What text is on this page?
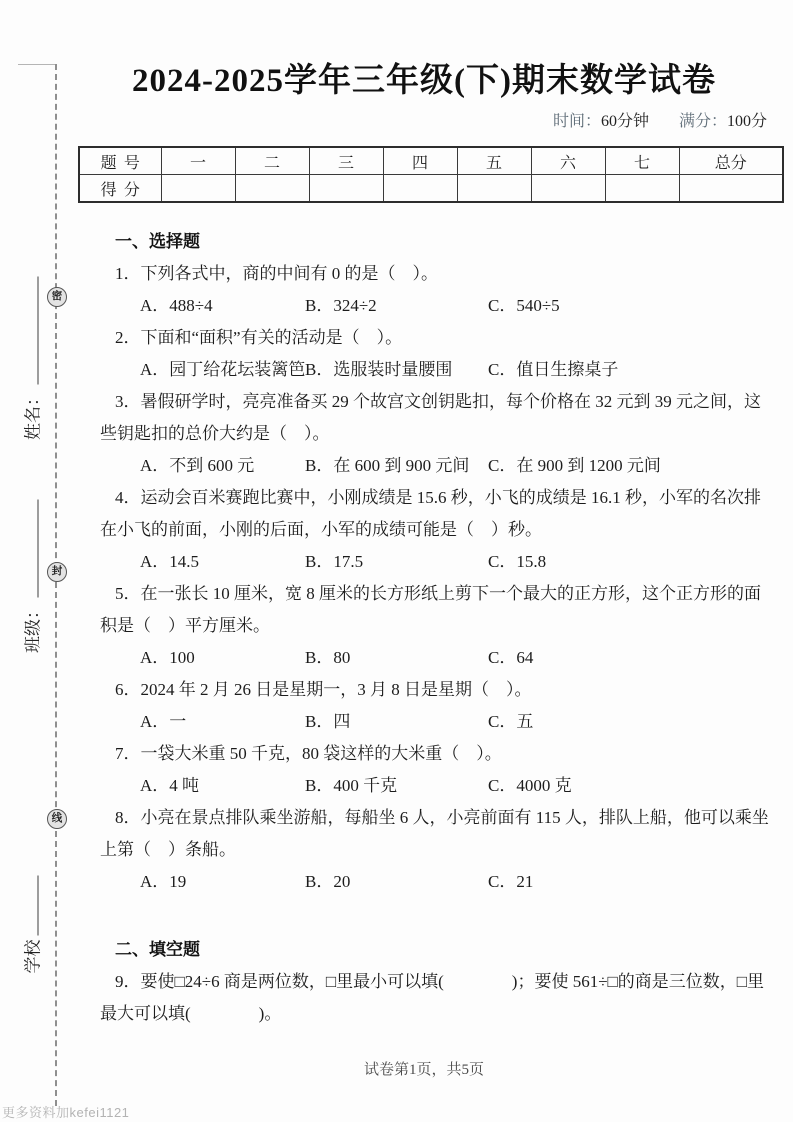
密
封
线
姓名：
班级：
学校
2024-2025学年三年级(下)期末数学试卷
时间：60分钟 满分：100分
题号	一	二	三	四	五	六	七	总分
得分								
一、选择题

1．下列各式中，商的中间有 0 的是（　）。

A．488÷4	B．324÷2	C．540÷5

2．下面和“面积”有关的活动是（　）。

A．园丁给花坛装篱笆 B．选服装时量腰围	C．值日生擦桌子

3．暑假研学时，亮亮准备买 29 个故宫文创钥匙扣，每个价格在 32 元到 39 元之间，这些钥匙扣的总价大约是（　）。

A．不到 600 元	B．在 600 到 900 元间	C．在 900 到 1200 元间

4．运动会百米赛跑比赛中，小刚成绩是 15.6 秒，小飞的成绩是 16.1 秒，小军的名次排在小飞的前面，小刚的后面，小军的成绩可能是（　）秒。

A．14.5	B．17.5	C．15.8

5．在一张长 10 厘米，宽 8 厘米的长方形纸上剪下一个最大的正方形，这个正方形的面积是（　）平方厘米。

A．100	B．80	C．64

6．2024 年 2 月 26 日是星期一，3 月 8 日是星期（　）。

A．一	B．四	C．五

7．一袋大米重 50 千克，80 袋这样的大米重（　）。

A．4 吨	B．400 千克	C．4000 克

8．小亮在景点排队乘坐游船，每船坐 6 人，小亮前面有 115 人，排队上船，他可以乘坐上第（　）条船。

A．19	B．20	C．21
二、填空题

9．要使□24÷6 商是两位数，□里最小可以填(　　　　)；要使 561÷□的商是三位数，□里最大可以填(　　　　)。

试卷第1页，共5页
更多资料加kefei1121
